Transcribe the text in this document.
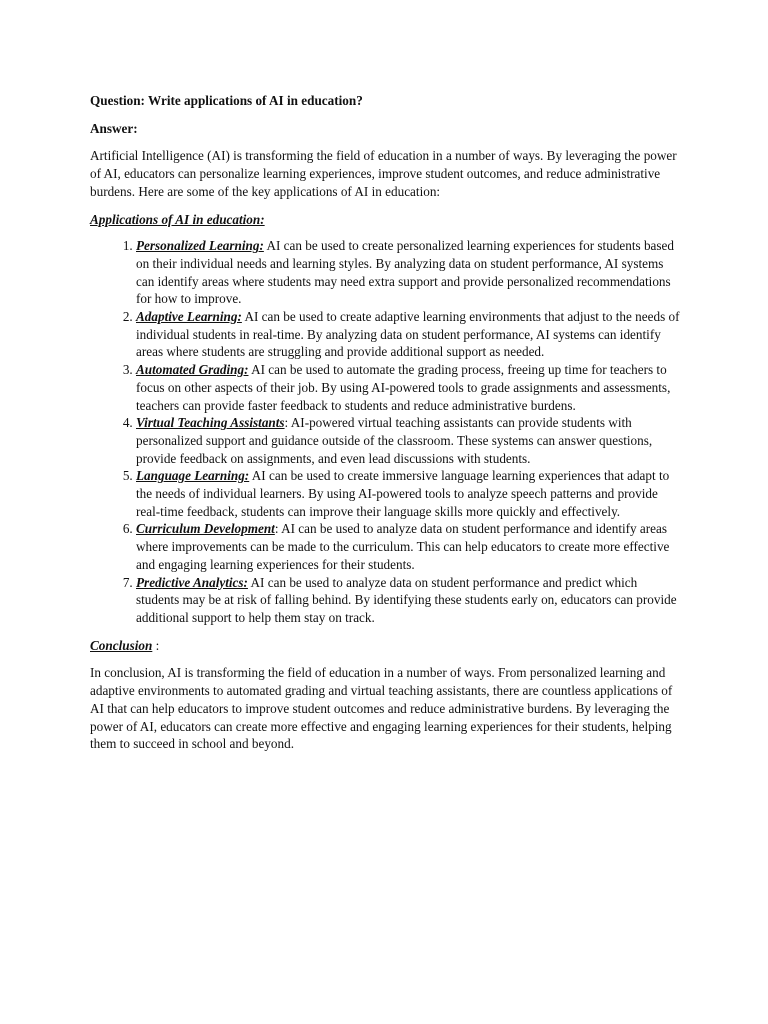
Question: Write applications of AI in education?

Answer:

Artificial Intelligence (AI) is transforming the field of education in a number of ways. By leveraging the power of AI, educators can personalize learning experiences, improve student outcomes, and reduce administrative burdens. Here are some of the key applications of AI in education:

Applications of AI in education:

1. Personalized Learning: AI can be used to create personalized learning experiences for students based on their individual needs and learning styles. By analyzing data on student performance, AI systems can identify areas where students may need extra support and provide personalized recommendations for how to improve.
2. Adaptive Learning: AI can be used to create adaptive learning environments that adjust to the needs of individual students in real-time. By analyzing data on student performance, AI systems can identify areas where students are struggling and provide additional support as needed.
3. Automated Grading: AI can be used to automate the grading process, freeing up time for teachers to focus on other aspects of their job. By using AI-powered tools to grade assignments and assessments, teachers can provide faster feedback to students and reduce administrative burdens.
4. Virtual Teaching Assistants: AI-powered virtual teaching assistants can provide students with personalized support and guidance outside of the classroom. These systems can answer questions, provide feedback on assignments, and even lead discussions with students.
5. Language Learning: AI can be used to create immersive language learning experiences that adapt to the needs of individual learners. By using AI-powered tools to analyze speech patterns and provide real-time feedback, students can improve their language skills more quickly and effectively.
6. Curriculum Development: AI can be used to analyze data on student performance and identify areas where improvements can be made to the curriculum. This can help educators to create more effective and engaging learning experiences for their students.
7. Predictive Analytics: AI can be used to analyze data on student performance and predict which students may be at risk of falling behind. By identifying these students early on, educators can provide additional support to help them stay on track.

Conclusion :

In conclusion, AI is transforming the field of education in a number of ways. From personalized learning and adaptive environments to automated grading and virtual teaching assistants, there are countless applications of AI that can help educators to improve student outcomes and reduce administrative burdens. By leveraging the power of AI, educators can create more effective and engaging learning experiences for their students, helping them to succeed in school and beyond.
